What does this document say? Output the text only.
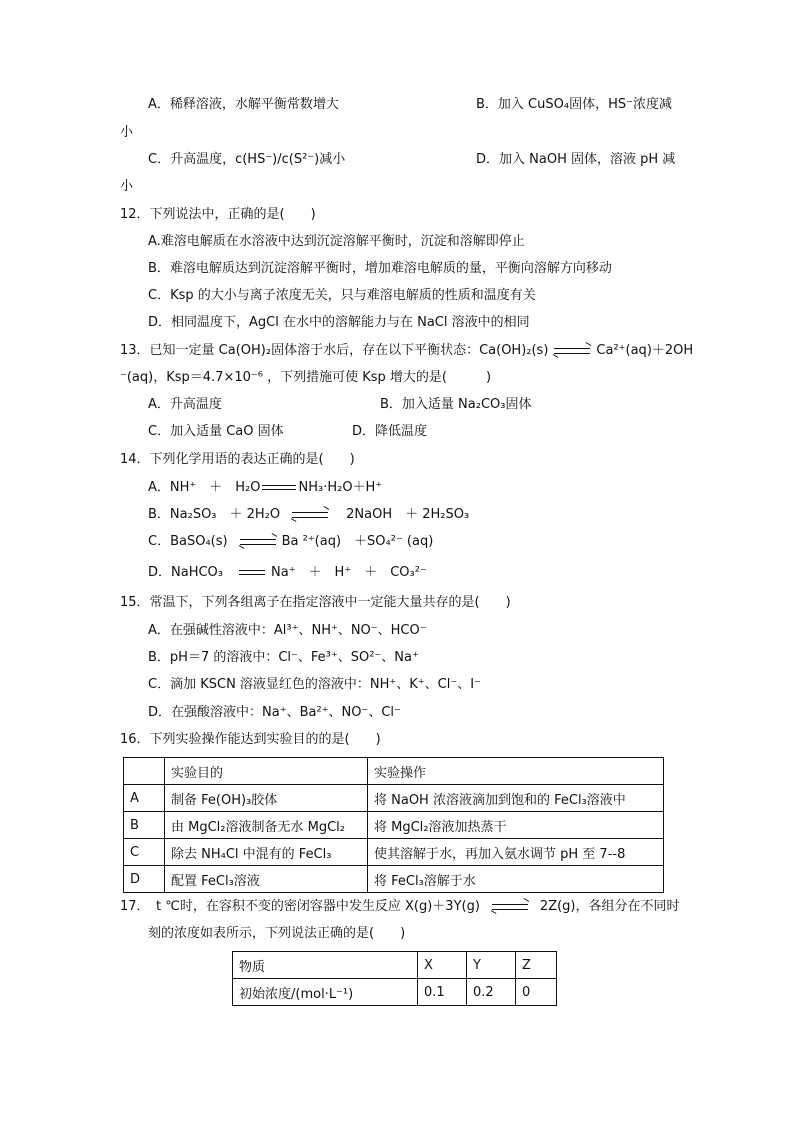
A．稀释溶液，水解平衡常数增大	B．加入 CuSO₄固体，HS⁻浓度减
小
C．升高温度，c(HS⁻)/c(S²⁻)减小	D．加入 NaOH 固体，溶液 pH 减
小
12．下列说法中，正确的是(　　)
A.难溶电解质在水溶液中达到沉淀溶解平衡时，沉淀和溶解即停止
B．难溶电解质达到沉淀溶解平衡时，增加难溶电解质的量，平衡向溶解方向移动
C．Ksp 的大小与离子浓度无关，只与难溶电解质的性质和温度有关
D．相同温度下，AgCl 在水中的溶解能力与在 NaCl 溶液中的相同
13．已知一定量 Ca(OH)₂固体溶于水后，存在以下平衡状态：Ca(OH)₂(s)	Ca²⁺(aq)＋2OH
⁻(aq)，Ksp＝4.7×10⁻⁶ ，下列措施可使 Ksp 增大的是(　　　)
A．升高温度	B．加入适量 Na₂CO₃固体
C．加入适量 CaO 固体	D．降低温度
14．下列化学用语的表达正确的是(　　)
A．NH⁺　＋　H₂O	NH₃·H₂O＋H⁺
B．Na₂SO₃　＋ 2H₂O	2NaOH　＋ 2H₂SO₃
C．BaSO₄(s)	Ba ²⁺(aq)　＋SO₄²⁻ (aq)
D．NaHCO₃	Na⁺　＋　H⁺　＋　CO₃²⁻
15．常温下，下列各组离子在指定溶液中一定能大量共存的是(　　)
A．在强碱性溶液中：Al³⁺、NH⁺、NO⁻、HCO⁻
B．pH＝7 的溶液中：Cl⁻、Fe³⁺、SO²⁻、Na⁺
C．滴加 KSCN 溶液显红色的溶液中：NH⁺、K⁺、Cl⁻、I⁻
D．在强酸溶液中：Na⁺、Ba²⁺、NO⁻、Cl⁻
16．下列实验操作能达到实验目的的是(　　)
	实验目的	实验操作
A	制备 Fe(OH)₃胶体	将 NaOH 浓溶液滴加到饱和的 FeCl₃溶液中
B	由 MgCl₂溶液制备无水 MgCl₂	将 MgCl₂溶液加热蒸干
C	除去 NH₄Cl 中混有的 FeCl₃	使其溶解于水，再加入氨水调节 pH 至 7--8
D	配置 FeCl₃溶液	将 FeCl₃溶解于水
17．　t ℃时，在容积不变的密闭容器中发生反应 X(g)＋3Y(g)	2Z(g)，各组分在不同时
刻的浓度如表所示，下列说法正确的是(　　)
物质	X	Y	Z
初始浓度/(mol·L⁻¹)	0.1	0.2	0
